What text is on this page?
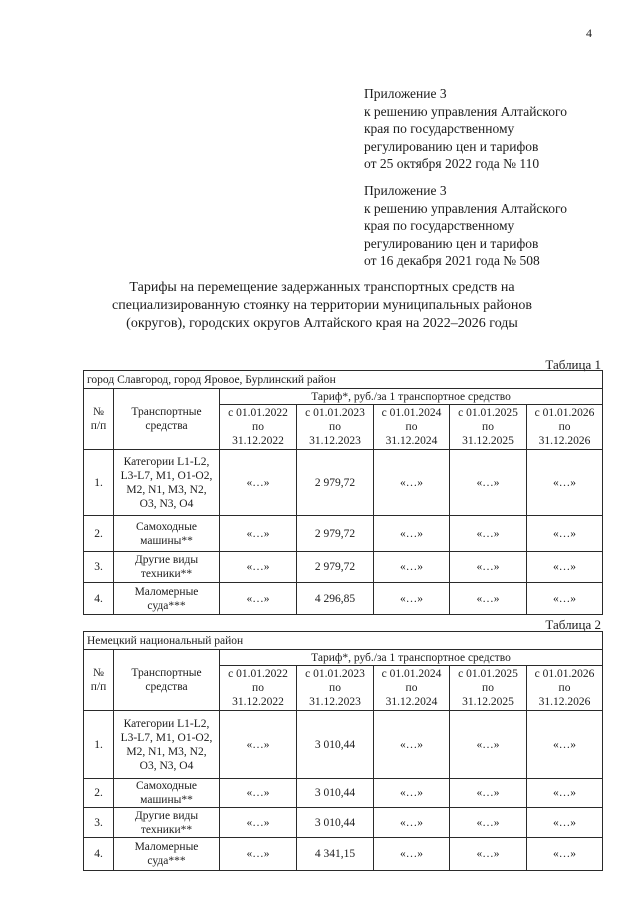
4
Приложение 3
к решению управления Алтайского
края по государственному
регулированию цен и тарифов
от 25 октября 2022 года № 110
Приложение 3
к решению управления Алтайского
края по государственному
регулированию цен и тарифов
от 16 декабря 2021 года № 508
Тарифы на перемещение задержанных транспортных средств на
специализированную стоянку на территории муниципальных районов
(округов), городских округов Алтайского края на 2022–2026 годы
Таблица 1
город Славгород, город Яровое, Бурлинский район						

№
п/п	Транспортные
средства	Тариф*, руб./за 1 транспортное средство				

		с 01.01.2022
по
31.12.2022	с 01.01.2023
по
31.12.2023	с 01.01.2024
по
31.12.2024	с 01.01.2025
по
31.12.2025	с 01.01.2026
по
31.12.2026

1.	Категории L1-L2,
L3-L7, M1, O1-O2,
M2, N1, M3, N2,
O3, N3, O4	«…»	2 979,72	«…»	«…»	«…»
2.	Самоходные
машины**	«…»	2 979,72	«…»	«…»	«…»
3.	Другие виды
техники**	«…»	2 979,72	«…»	«…»	«…»
4.	Маломерные
суда***	«…»	4 296,85	«…»	«…»	«…»
Таблица 2
Немецкий национальный район						

№
п/п	Транспортные
средства	Тариф*, руб./за 1 транспортное средство				

		с 01.01.2022
по
31.12.2022	с 01.01.2023
по
31.12.2023	с 01.01.2024
по
31.12.2024	с 01.01.2025
по
31.12.2025	с 01.01.2026
по
31.12.2026

1.	Категории L1-L2,
L3-L7, M1, O1-O2,
M2, N1, M3, N2,
O3, N3, O4	«…»	3 010,44	«…»	«…»	«…»
2.	Самоходные
машины**	«…»	3 010,44	«…»	«…»	«…»
3.	Другие виды
техники**	«…»	3 010,44	«…»	«…»	«…»
4.	Маломерные
суда***	«…»	4 341,15	«…»	«…»	«…»
